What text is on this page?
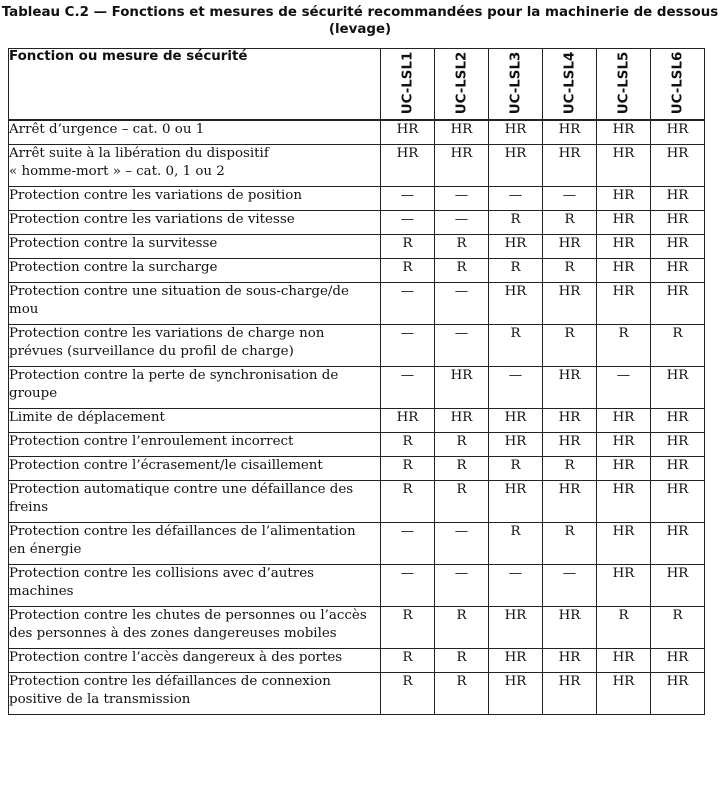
Tableau C.2 — Fonctions et mesures de sécurité recommandées pour la machinerie de dessous
(levage)
Fonction ou mesure de sécurité	UC-LSL1	UC-LSL2	UC-LSL3	UC-LSL4	UC-LSL5	UC-LSL6

Arrêt d’urgence – cat. 0 ou 1	HR	HR	HR	HR	HR	HR

Arrêt suite à la libération du dispositif
« homme-mort » – cat. 0, 1 ou 2	HR	HR	HR	HR	HR	HR

Protection contre les variations de position	—	—	—	—	HR	HR

Protection contre les variations de vitesse	—	—	R	R	HR	HR

Protection contre la survitesse	R	R	HR	HR	HR	HR

Protection contre la surcharge	R	R	R	R	HR	HR

Protection contre une situation de sous-charge/de
mou	—	—	HR	HR	HR	HR

Protection contre les variations de charge non
prévues (surveillance du profil de charge)	—	—	R	R	R	R

Protection contre la perte de synchronisation de
groupe	—	HR	—	HR	—	HR

Limite de déplacement	HR	HR	HR	HR	HR	HR

Protection contre l’enroulement incorrect	R	R	HR	HR	HR	HR

Protection contre l’écrasement/le cisaillement	R	R	R	R	HR	HR

Protection automatique contre une défaillance des
freins	R	R	HR	HR	HR	HR

Protection contre les défaillances de l’alimentation
en énergie	—	—	R	R	HR	HR

Protection contre les collisions avec d’autres
machines	—	—	—	—	HR	HR

Protection contre les chutes de personnes ou l’accès
des personnes à des zones dangereuses mobiles	R	R	HR	HR	R	R

Protection contre l’accès dangereux à des portes	R	R	HR	HR	HR	HR

Protection contre les défaillances de connexion
positive de la transmission	R	R	HR	HR	HR	HR
